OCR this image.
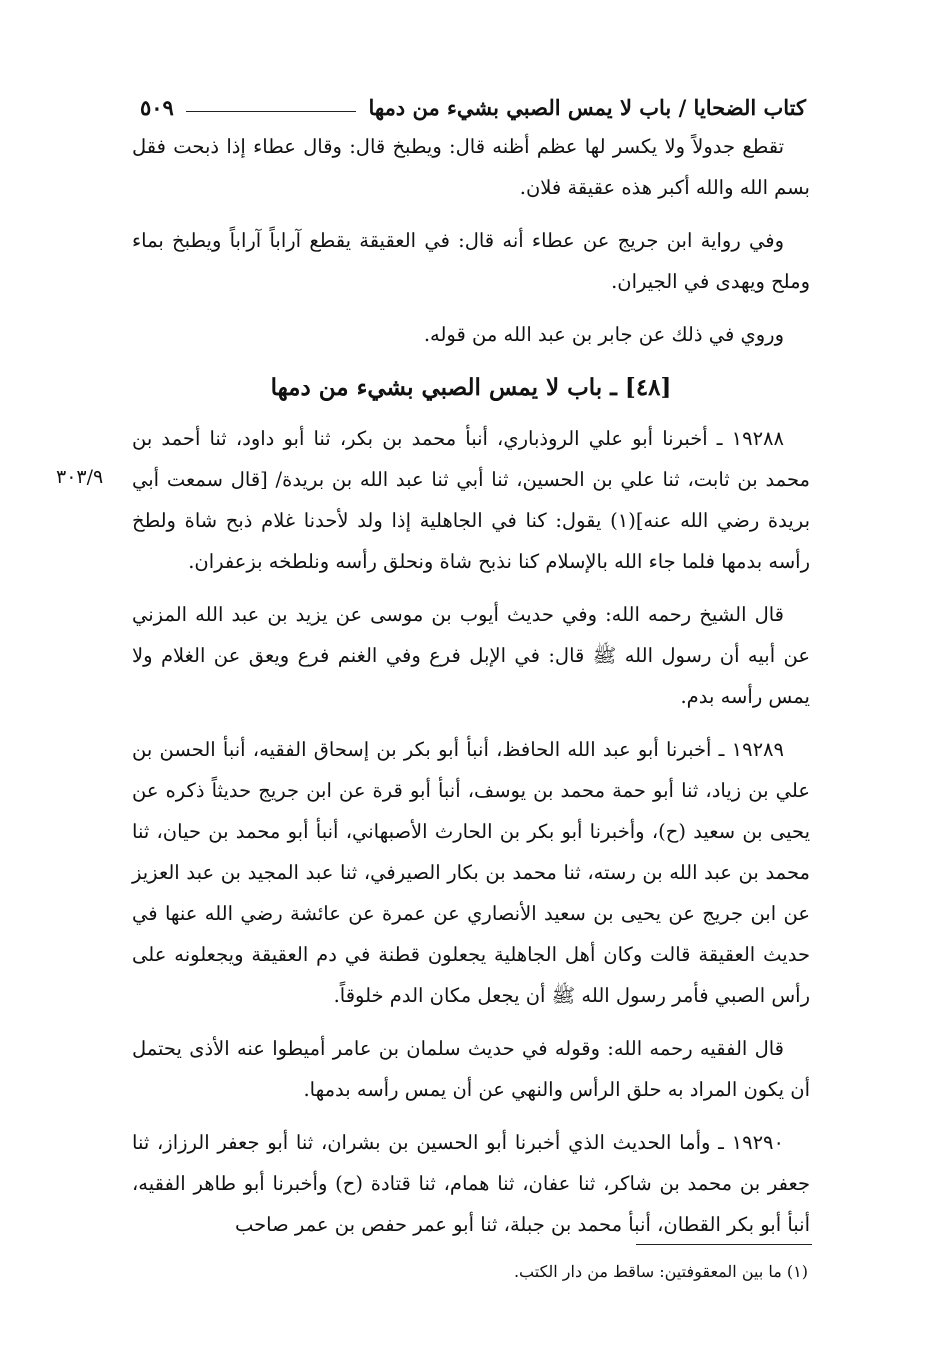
كتاب الضحايا / باب لا يمس الصبي بشيء من دمها
٥٠٩

تقطع جدولاً ولا يكسر لها عظم أظنه قال: ويطبخ قال: وقال عطاء إذا ذبحت فقل بسم الله والله أكبر هذه عقيقة فلان.

وفي رواية ابن جريج عن عطاء أنه قال: في العقيقة يقطع آراباً آراباً ويطبخ بماء وملح ويهدى في الجيران.

وروي في ذلك عن جابر بن عبد الله من قوله.

[٤٨] ـ باب لا يمس الصبي بشيء من دمها

١٩٢٨٨ ـ أخبرنا أبو علي الروذباري، أنبأ محمد بن بكر، ثنا أبو داود، ثنا أحمد بن محمد بن ثابت، ثنا علي بن الحسين، ثنا أبي ثنا عبد الله بن بريدة/ [قال سمعت أبي بريدة رضي الله عنه](١) يقول: كنا في الجاهلية إذا ولد لأحدنا غلام ذبح شاة ولطخ رأسه بدمها فلما جاء الله بالإسلام كنا نذبح شاة ونحلق رأسه ونلطخه بزعفران.

قال الشيخ رحمه الله: وفي حديث أيوب بن موسى عن يزيد بن عبد الله المزني عن أبيه أن رسول الله ﷺ قال: في الإبل فرع وفي الغنم فرع ويعق عن الغلام ولا يمس رأسه بدم.

١٩٢٨٩ ـ أخبرنا أبو عبد الله الحافظ، أنبأ أبو بكر بن إسحاق الفقيه، أنبأ الحسن بن علي بن زياد، ثنا أبو حمة محمد بن يوسف، أنبأ أبو قرة عن ابن جريج حديثاً ذكره عن يحيى بن سعيد (ح)، وأخبرنا أبو بكر بن الحارث الأصبهاني، أنبأ أبو محمد بن حيان، ثنا محمد بن عبد الله بن رسته، ثنا محمد بن بكار الصيرفي، ثنا عبد المجيد بن عبد العزيز عن ابن جريج عن يحيى بن سعيد الأنصاري عن عمرة عن عائشة رضي الله عنها في حديث العقيقة قالت وكان أهل الجاهلية يجعلون قطنة في دم العقيقة ويجعلونه على رأس الصبي فأمر رسول الله ﷺ أن يجعل مكان الدم خلوقاً.

قال الفقيه رحمه الله: وقوله في حديث سلمان بن عامر أميطوا عنه الأذى يحتمل أن يكون المراد به حلق الرأس والنهي عن أن يمس رأسه بدمها.

١٩٢٩٠ ـ وأما الحديث الذي أخبرنا أبو الحسين بن بشران، ثنا أبو جعفر الرزاز، ثنا جعفر بن محمد بن شاكر، ثنا عفان، ثنا همام، ثنا قتادة (ح) وأخبرنا أبو طاهر الفقيه، أنبأ أبو بكر القطان، أنبأ محمد بن جبلة، ثنا أبو عمر حفص بن عمر صاحب

٣٠٣/٩
(١) ما بين المعقوفتين: ساقط من دار الكتب.
